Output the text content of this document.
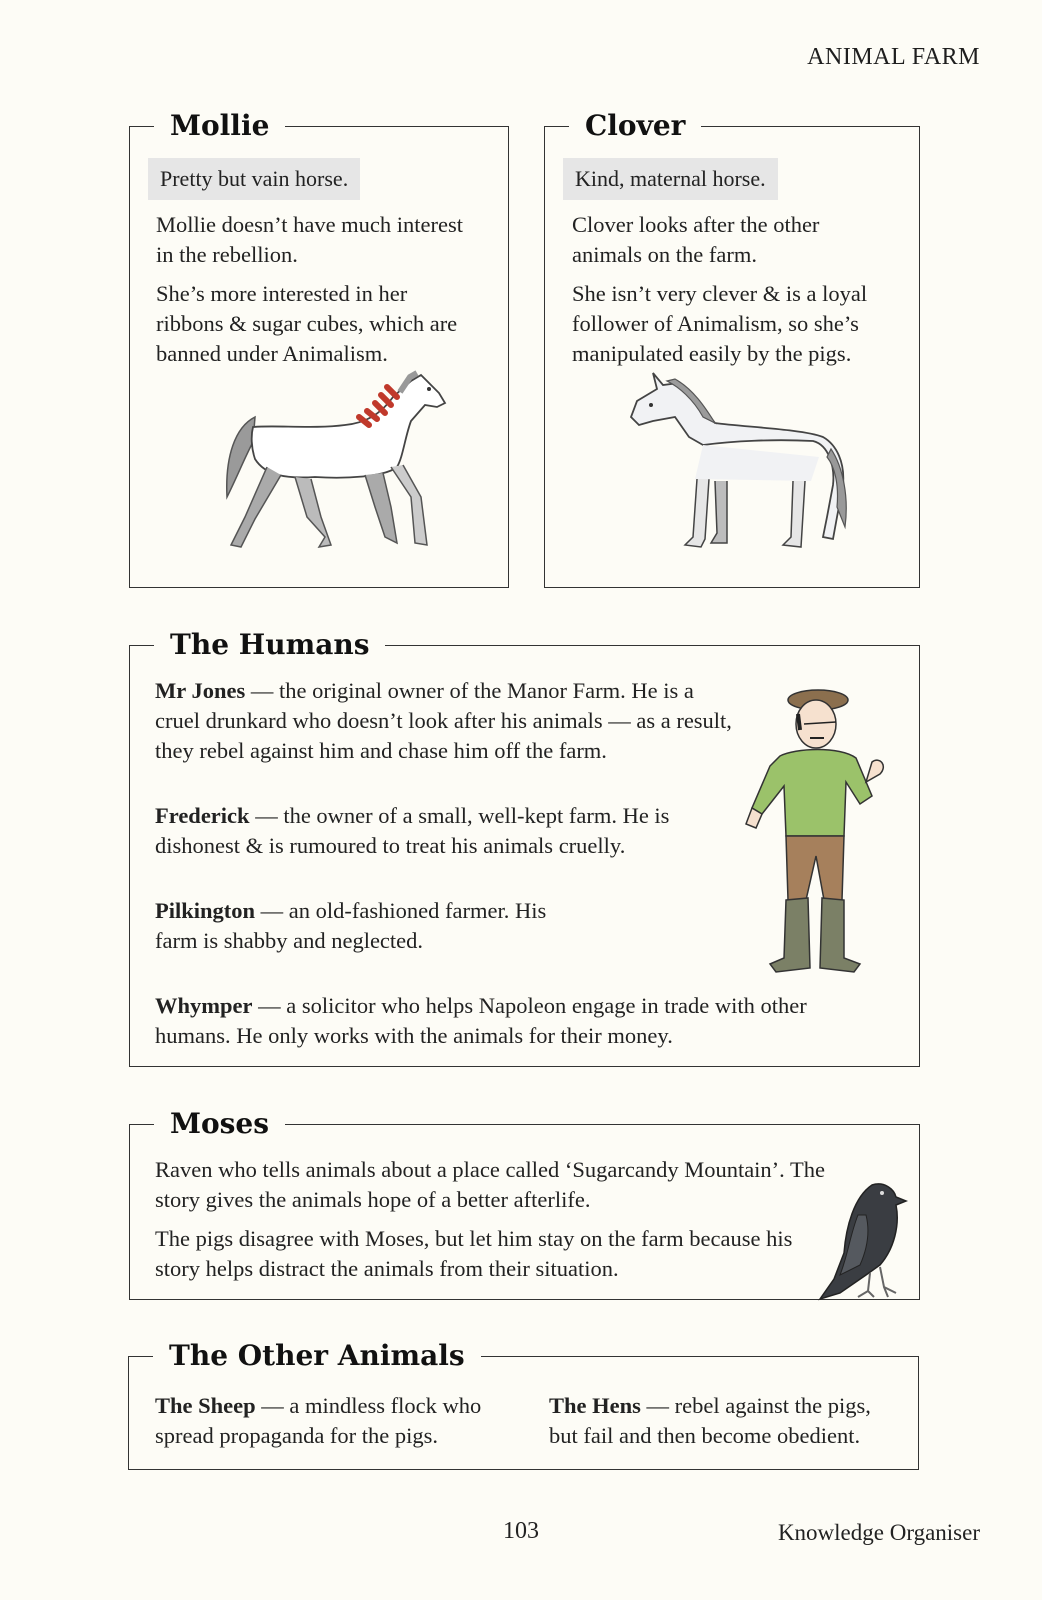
ANIMAL FARM
Mollie
Pretty but vain horse.
Mollie doesn’t have much interest in the rebellion.
She’s more interested in her ribbons & sugar cubes, which are banned under Animalism.
Clover
Kind, maternal horse.
Clover looks after the other animals on the farm.
She isn’t very clever & is a loyal follower of Animalism, so she’s manipulated easily by the pigs.
The Humans
Mr Jones — the original owner of the Manor Farm. He is a cruel drunkard who doesn’t look after his animals — as a result, they rebel against him and chase him off the farm.
Frederick — the owner of a small, well-kept farm. He is dishonest & is rumoured to treat his animals cruelly.
Pilkington — an old-fashioned farmer. His farm is shabby and neglected.
Whymper — a solicitor who helps Napoleon engage in trade with other humans. He only works with the animals for their money.
Moses
Raven who tells animals about a place called ‘Sugarcandy Mountain’. The story gives the animals hope of a better afterlife.
The pigs disagree with Moses, but let him stay on the farm because his story helps distract the animals from their situation.
The Other Animals
The Sheep — a mindless flock who spread propaganda for the pigs.
The Hens — rebel against the pigs, but fail and then become obedient.
103	Knowledge Organiser
